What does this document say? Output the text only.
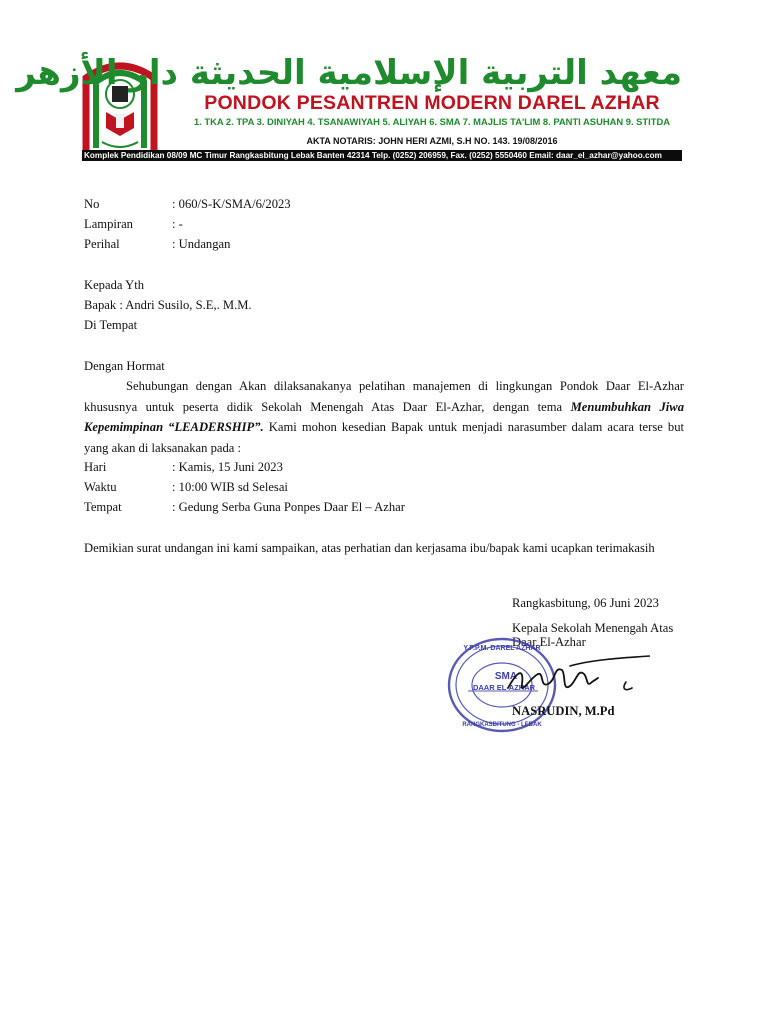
معهد التربية الإسلامية الحديثة دار الأزهر
PONDOK PESANTREN MODERN DAREL AZHAR
1. TKA 2. TPA 3. DINIYAH 4. TSANAWIYAH 5. ALIYAH 6. SMA 7. MAJLIS TA'LIM 8. PANTI ASUHAN 9. STITDA
AKTA NOTARIS: JOHN HERI AZMI, S.H NO. 143. 19/08/2016
Komplek Pendidikan 08/09 MC Timur Rangkasbitung Lebak Banten 42314 Telp. (0252) 206959, Fax. (0252) 5550460 Email: daar_el_azhar@yahoo.com
No	: 060/S-K/SMA/6/2023
Lampiran	: -
Perihal	: Undangan
Kepada Yth
Bapak : Andri Susilo, S.E,. M.M.
Di Tempat
Dengan Hormat
Sehubungan dengan Akan dilaksanakanya pelatihan manajemen di lingkungan Pondok Daar El-Azhar khususnya untuk peserta didik Sekolah Menengah Atas Daar El-Azhar, dengan tema Menumbuhkan Jiwa Kepemimpinan “LEADERSHIP”. Kami mohon kesedian Bapak untuk menjadi narasumber dalam acara terse but yang akan di laksanakan pada :
Hari	: Kamis, 15 Juni 2023
Waktu	: 10:00 WIB sd Selesai
Tempat	: Gedung Serba Guna Ponpes Daar El – Azhar
Demikian surat undangan ini kami sampaikan, atas perhatian dan kerjasama ibu/bapak kami ucapkan terimakasih
Rangkasbitung, 06 Juni 2023
Kepala Sekolah Menengah Atas
Daar El-Azhar
Y.P.P.M. DAREL AZHAR
SMA
DAAR EL-AZHAR
RANGKASBITUNG - LEBAK
NASRUDIN, M.Pd
